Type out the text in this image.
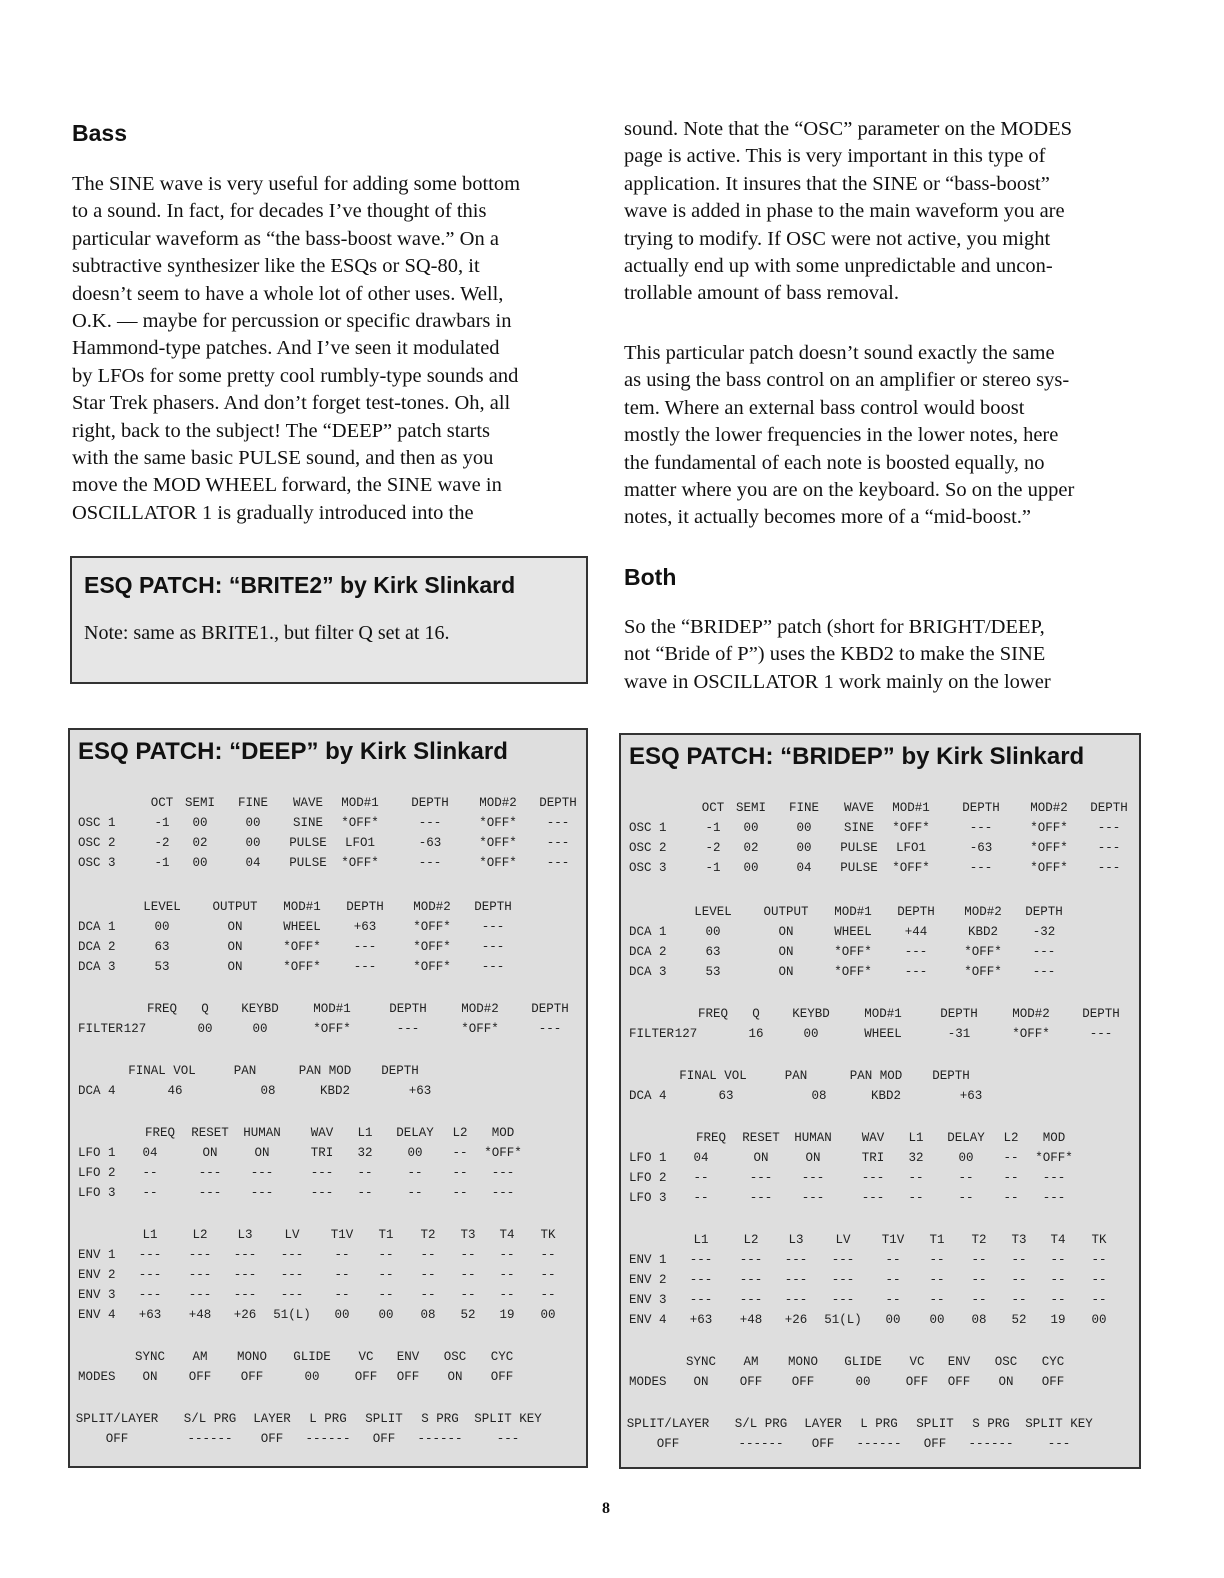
Bass
The SINE wave is very useful for adding some bottom
to a sound. In fact, for decades I’ve thought of this
particular waveform as “the bass-boost wave.” On a
subtractive synthesizer like the ESQs or SQ-80, it
doesn’t seem to have a whole lot of other uses. Well,
O.K. — maybe for percussion or specific drawbars in
Hammond-type patches. And I’ve seen it modulated
by LFOs for some pretty cool rumbly-type sounds and
Star Trek phasers. And don’t forget test-tones. Oh, all
right, back to the subject! The “DEEP” patch starts
with the same basic PULSE sound, and then as you
move the MOD WHEEL forward, the SINE wave in
OSCILLATOR 1 is gradually introduced into the
ESQ PATCH: “BRITE2” by Kirk Slinkard
Note: same as BRITE1., but filter Q set at 16.
sound. Note that the “OSC” parameter on the MODES
page is active. This is very important in this type of
application. It insures that the SINE or “bass-boost”
wave is added in phase to the main waveform you are
trying to modify. If OSC were not active, you might
actually end up with some unpredictable and uncon-
trollable amount of bass removal.
This particular patch doesn’t sound exactly the same
as using the bass control on an amplifier or stereo sys-
tem. Where an external bass control would boost
mostly the lower frequencies in the lower notes, here
the fundamental of each note is boosted equally, no
matter where you are on the keyboard. So on the upper
notes, it actually becomes more of a “mid-boost.”
Both
So the “BRIDEP” patch (short for BRIGHT/DEEP,
not “Bride of P”) uses the KBD2 to make the SINE
wave in OSCILLATOR 1 work mainly on the lower
ESQ PATCH: “DEEP” by Kirk Slinkard
OCT SEMI FINE WAVE MOD#1	DEPTH MOD#2 DEPTH
OSC 1	-1 00	00	SINE *OFF*	---	*OFF* ---
OSC 2	-2 02	00 PULSE LFO1	-63	*OFF* ---
OSC 3	-1 00	04 PULSE *OFF*	---	*OFF* ---
LEVEL	OUTPUT MOD#1 DEPTH MOD#2 DEPTH
DCA 1	00	ON	WHEEL	+63	*OFF* ---
DCA 2	63	ON	*OFF*	---	*OFF* ---
DCA 3	53	ON	*OFF*	---	*OFF* ---
FREQ Q	KEYBD	MOD#1	DEPTH	MOD#2	DEPTH
FILTER 127	00	00	*OFF*	---	*OFF*	---
FINAL VOL	PAN	PAN MOD DEPTH
DCA 4	46	08	KBD2	+63
FREQ RESET HUMAN WAV L1 DELAY L2 MOD
LFO 1 04	ON	ON	TRI 32	00 -- *OFF*
LFO 2 --	--- ---	--- --	-- -- ---
LFO 3 --	--- ---	--- --	-- -- ---
L1	L2 L3	LV T1V T1 T2 T3 T4 TK
ENV 1 --- --- --- --- -- -- -- -- -- --
ENV 2 --- --- --- --- -- -- -- -- -- --
ENV 3 --- --- --- --- -- -- -- -- -- --
ENV 4 +63 +48 +26 51(L) 00 00 08 52 19 00
SYNC AM MONO GLIDE VC ENV OSC CYC
MODES ON OFF OFF	00	OFF OFF ON OFF
SPLIT/LAYER S/L PRG LAYER L PRG SPLIT S PRG SPLIT KEY
OFF	------ OFF ------ OFF ------	---
ESQ PATCH: “BRIDEP” by Kirk Slinkard
OCT SEMI FINE WAVE MOD#1	DEPTH MOD#2 DEPTH
OSC 1	-1 00	00	SINE *OFF*	---	*OFF* ---
OSC 2	-2 02	00 PULSE LFO1	-63	*OFF* ---
OSC 3	-1 00	04 PULSE *OFF*	---	*OFF* ---
LEVEL	OUTPUT MOD#1 DEPTH MOD#2 DEPTH
DCA 1	00	ON	WHEEL	+44	KBD2	-32
DCA 2	63	ON	*OFF*	---	*OFF* ---
DCA 3	53	ON	*OFF*	---	*OFF* ---
FREQ Q	KEYBD	MOD#1	DEPTH	MOD#2	DEPTH
FILTER 127	16	00	WHEEL	-31	*OFF*	---
FINAL VOL	PAN	PAN MOD DEPTH
DCA 4	63	08	KBD2	+63
FREQ RESET HUMAN WAV L1 DELAY L2 MOD
LFO 1 04	ON	ON	TRI 32	00 -- *OFF*
LFO 2 --	--- ---	--- --	-- -- ---
LFO 3 --	--- ---	--- --	-- -- ---
L1	L2 L3	LV T1V T1 T2 T3 T4 TK
ENV 1 --- --- --- --- -- -- -- -- -- --
ENV 2 --- --- --- --- -- -- -- -- -- --
ENV 3 --- --- --- --- -- -- -- -- -- --
ENV 4 +63 +48 +26 51(L) 00 00 08 52 19 00
SYNC AM MONO GLIDE VC ENV OSC CYC
MODES ON OFF OFF	00	OFF OFF ON OFF
SPLIT/LAYER S/L PRG LAYER L PRG SPLIT S PRG SPLIT KEY
OFF	------ OFF ------ OFF ------	---
8
